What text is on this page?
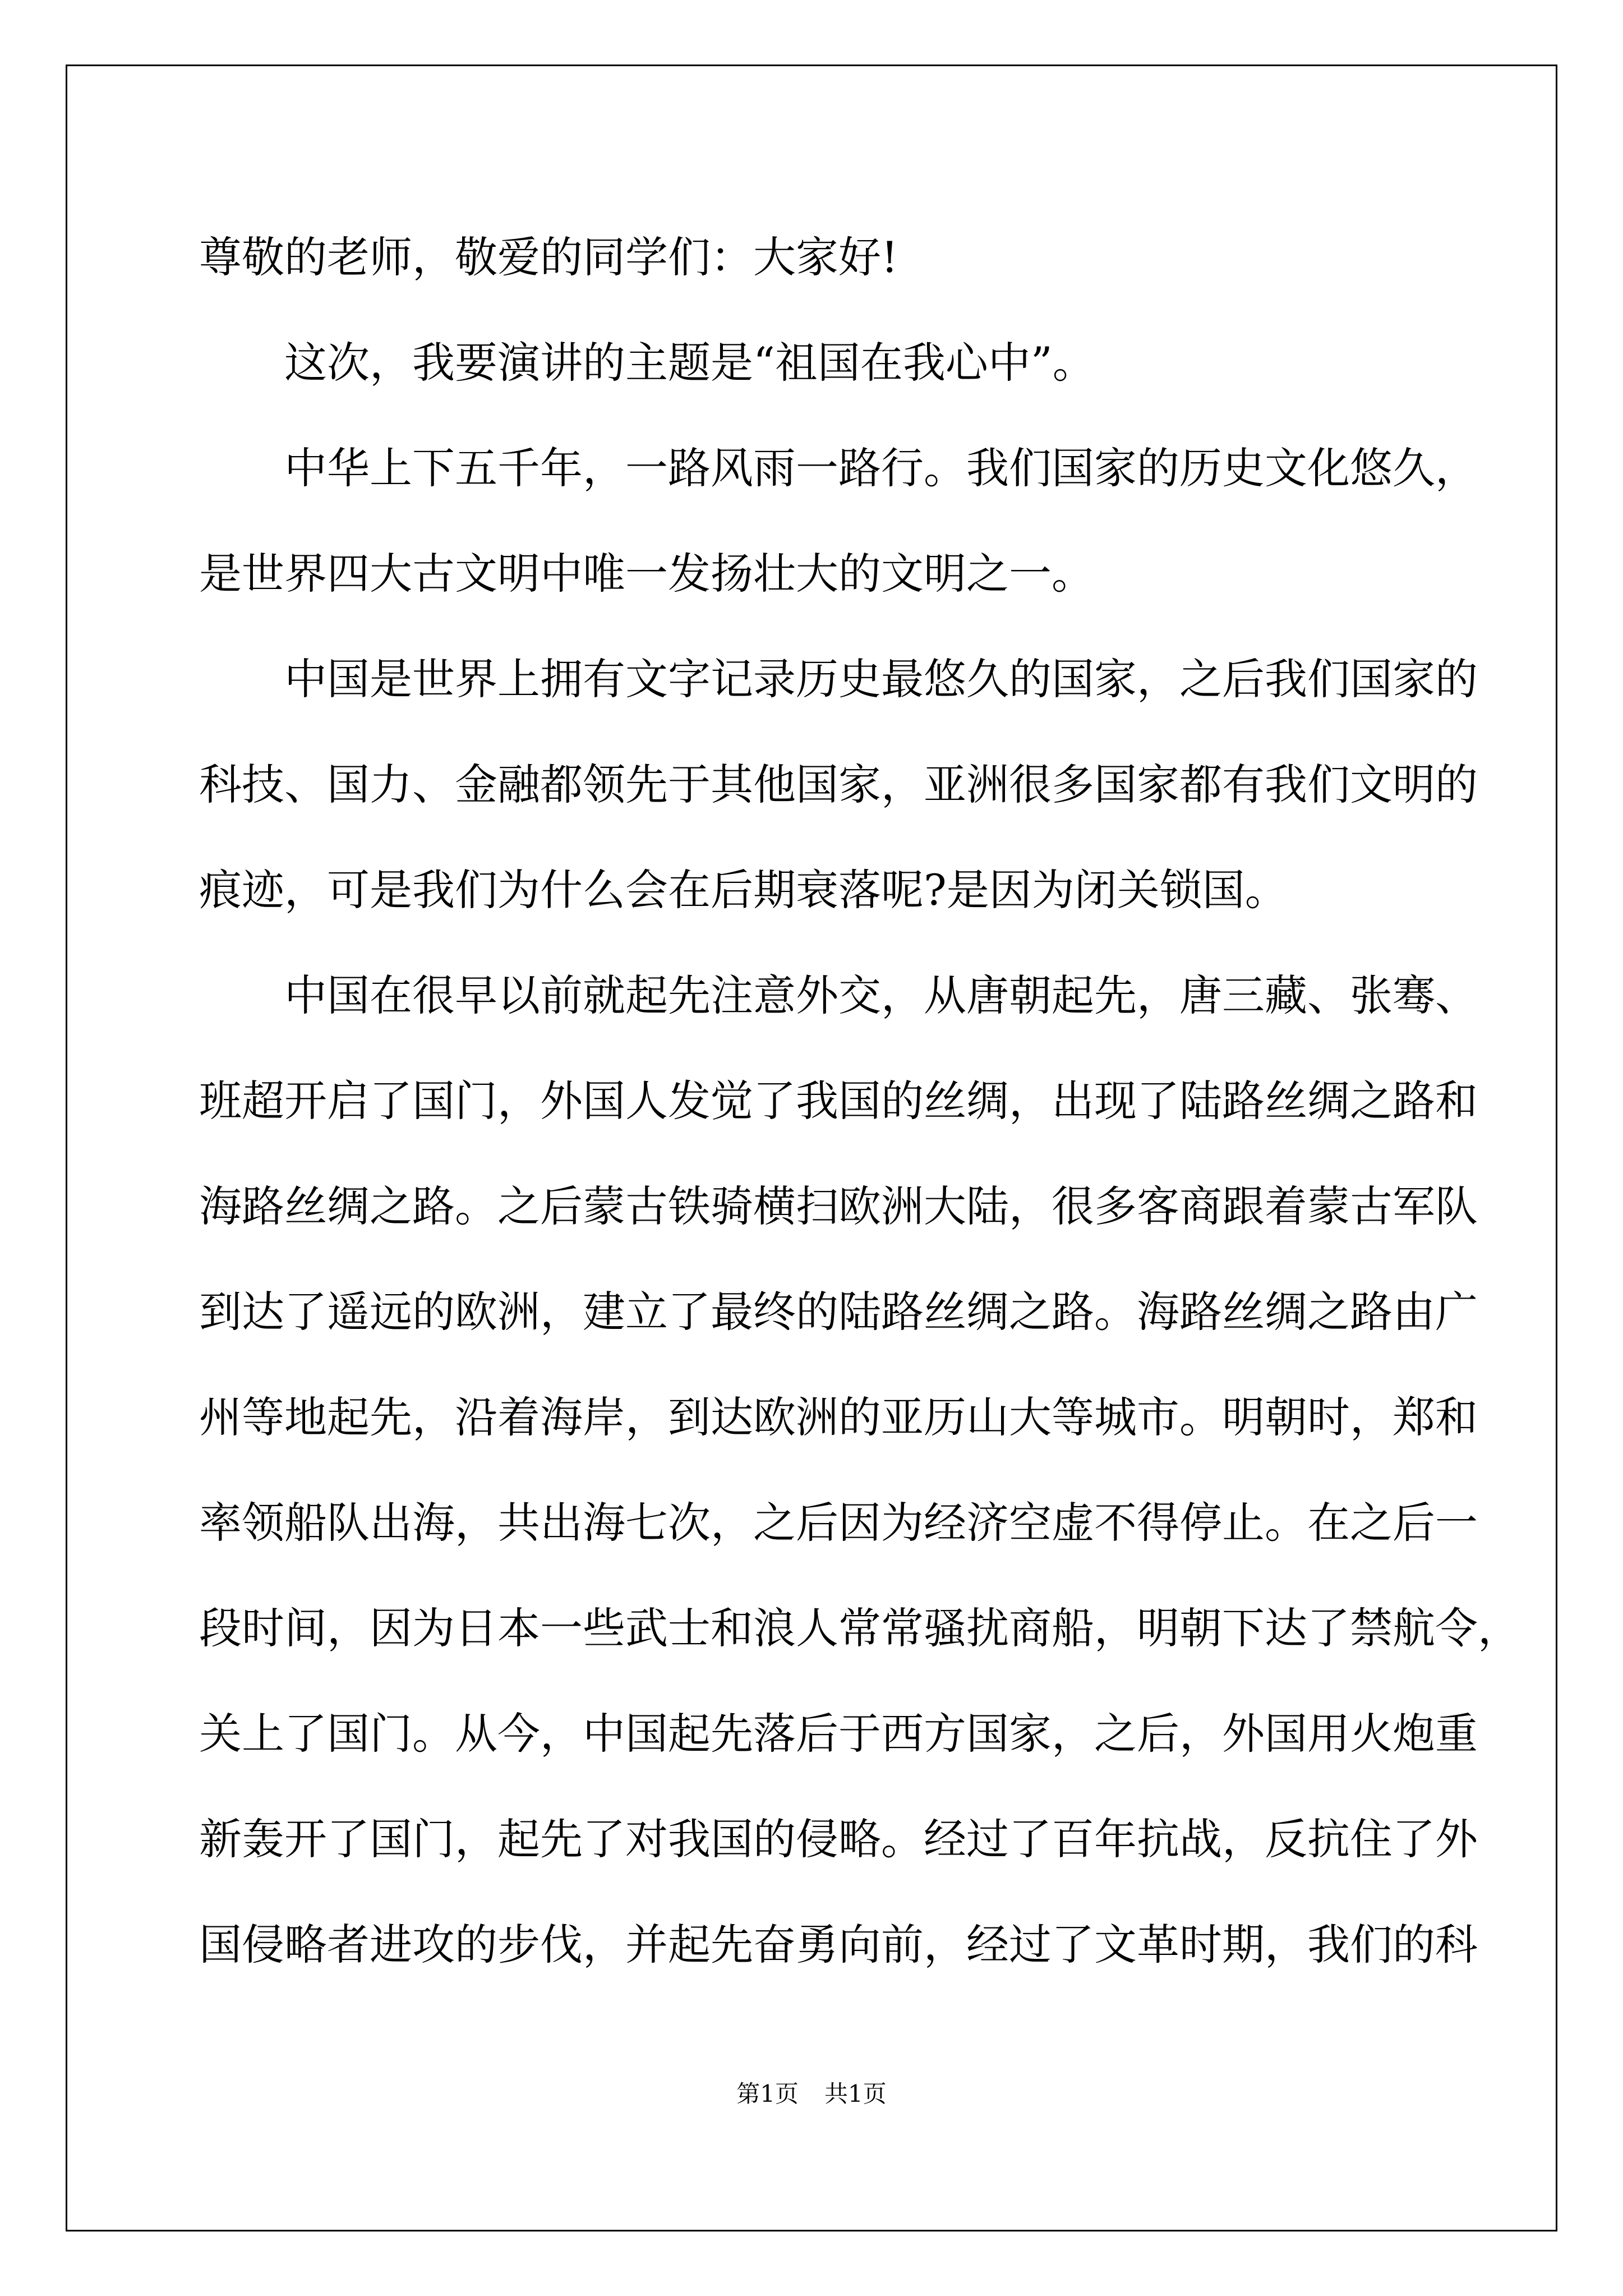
尊敬的老师，敬爱的同学们：大家好!
这次，我要演讲的主题是“祖国在我心中”。
中华上下五千年，一路风雨一路行。我们国家的历史文化悠久，
是世界四大古文明中唯一发扬壮大的文明之一。
中国是世界上拥有文字记录历史最悠久的国家，之后我们国家的
科技、国力、金融都领先于其他国家，亚洲很多国家都有我们文明的
痕迹，可是我们为什么会在后期衰落呢?是因为闭关锁国。
中国在很早以前就起先注意外交，从唐朝起先，唐三藏、张骞、
班超开启了国门，外国人发觉了我国的丝绸，出现了陆路丝绸之路和
海路丝绸之路。之后蒙古铁骑横扫欧洲大陆，很多客商跟着蒙古军队
到达了遥远的欧洲，建立了最终的陆路丝绸之路。海路丝绸之路由广
州等地起先，沿着海岸，到达欧洲的亚历山大等城市。明朝时，郑和
率领船队出海，共出海七次，之后因为经济空虚不得停止。在之后一
段时间，因为日本一些武士和浪人常常骚扰商船，明朝下达了禁航令，
关上了国门。从今，中国起先落后于西方国家，之后，外国用火炮重
新轰开了国门，起先了对我国的侵略。经过了百年抗战，反抗住了外
国侵略者进攻的步伐，并起先奋勇向前，经过了文革时期，我们的科
第1页 共1页
